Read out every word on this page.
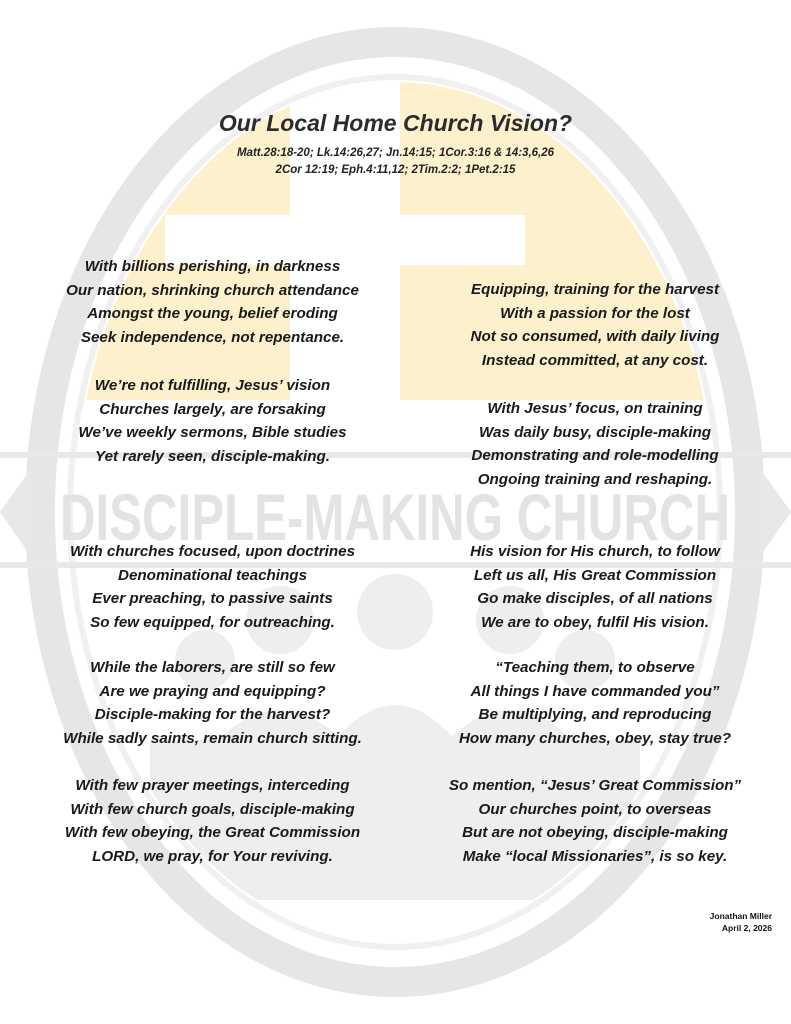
DISCIPLE-MAKING CHURCH
Our Local Home Church Vision?
Matt.28:18-20; Lk.14:26,27; Jn.14:15; 1Cor.3:16 & 14:3,6,26
2Cor 12:19; Eph.4:11,12; 2Tim.2:2; 1Pet.2:15
With billions perishing, in darkness
Our nation, shrinking church attendance
Amongst the young, belief eroding
Seek independence, not repentance.
We’re not fulfilling, Jesus’ vision
Churches largely, are forsaking
We’ve weekly sermons, Bible studies
Yet rarely seen, disciple-making.
With churches focused, upon doctrines
Denominational teachings
Ever preaching, to passive saints
So few equipped, for outreaching.
While the laborers, are still so few
Are we praying and equipping?
Disciple-making for the harvest?
While sadly saints, remain church sitting.
With few prayer meetings, interceding
With few church goals, disciple-making
With few obeying, the Great Commission
LORD, we pray, for Your reviving.
Equipping, training for the harvest
With a passion for the lost
Not so consumed, with daily living
Instead committed, at any cost.
With Jesus’ focus, on training
Was daily busy, disciple-making
Demonstrating and role-modelling
Ongoing training and reshaping.
His vision for His church, to follow
Left us all, His Great Commission
Go make disciples, of all nations
We are to obey, fulfil His vision.
“Teaching them, to observe
All things I have commanded you”
Be multiplying, and reproducing
How many churches, obey, stay true?
So mention, “Jesus’ Great Commission”
Our churches point, to overseas
But are not obeying, disciple-making
Make “local Missionaries”, is so key.
Jonathan Miller
April 2, 2026
